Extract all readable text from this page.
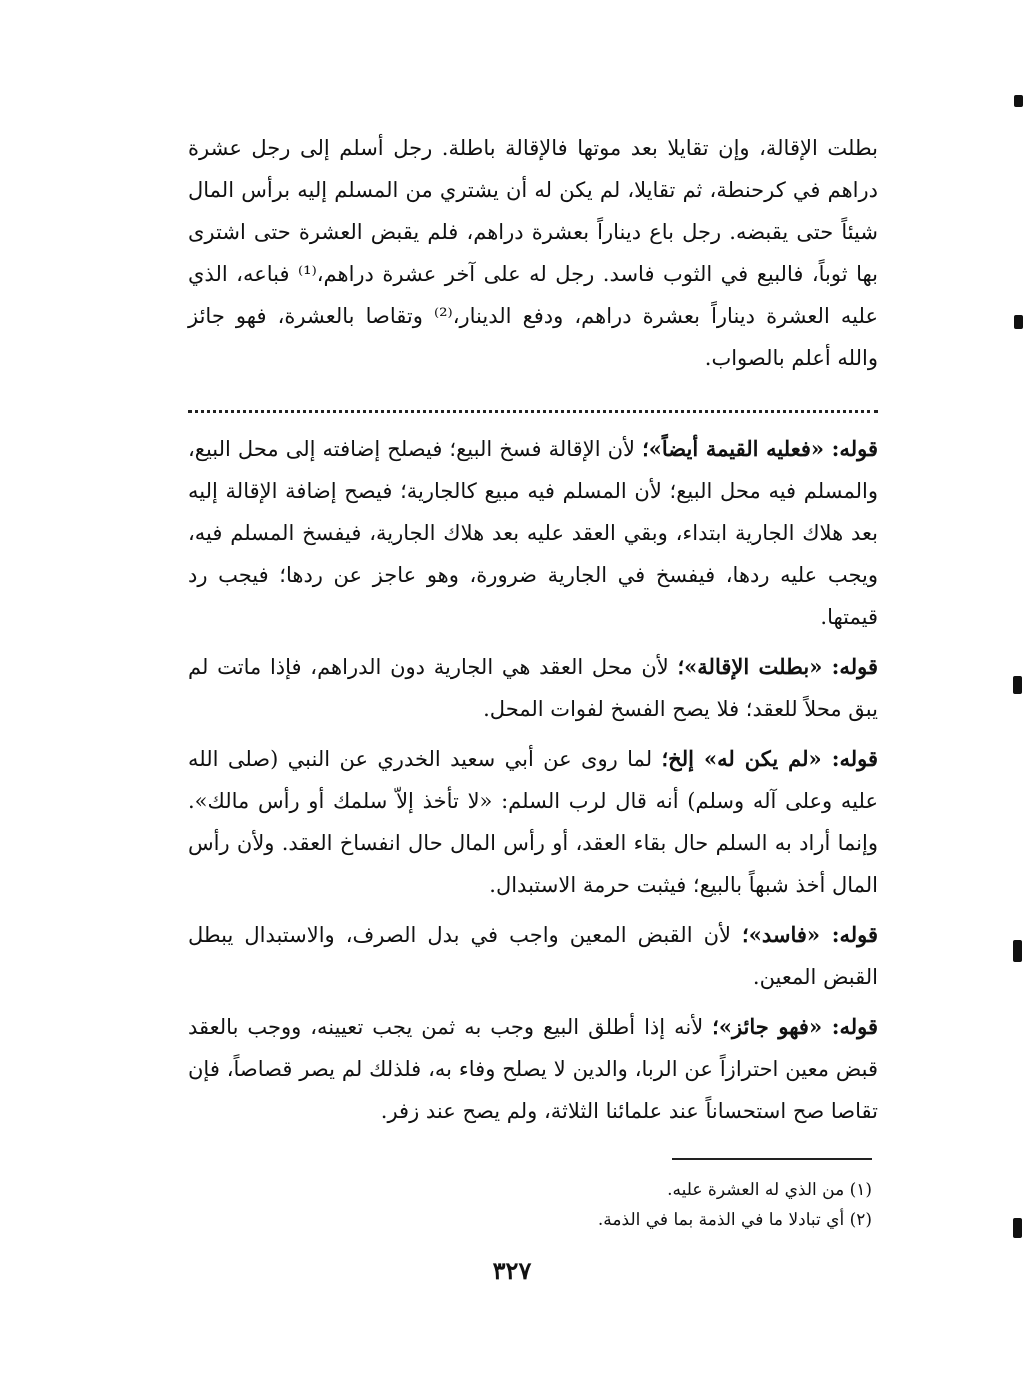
بطلت الإقالة، وإن تقايلا بعد موتها فالإقالة باطلة. رجل أسلم إلى رجل عشرة دراهم في كرحنطة، ثم تقايلا، لم يكن له أن يشتري من المسلم إليه برأس المال شيئاً حتى يقبضه. رجل باع ديناراً بعشرة دراهم، فلم يقبض العشرة حتى اشترى بها ثوباً، فالبيع في الثوب فاسد. رجل له على آخر عشرة دراهم،⁽¹⁾ فباعه، الذي عليه العشرة ديناراً بعشرة دراهم، ودفع الدينار،⁽²⁾ وتقاصا بالعشرة، فهو جائز والله أعلم بالصواب.

قوله: «فعليه القيمة أيضاً»؛ لأن الإقالة فسخ البيع؛ فيصلح إضافته إلى محل البيع، والمسلم فيه محل البيع؛ لأن المسلم فيه مبيع كالجارية؛ فيصح إضافة الإقالة إليه بعد هلاك الجارية ابتداء، وبقي العقد عليه بعد هلاك الجارية، فيفسخ المسلم فيه، ويجب عليه ردها، فيفسخ في الجارية ضرورة، وهو عاجز عن ردها؛ فيجب رد قيمتها.

قوله: «بطلت الإقالة»؛ لأن محل العقد هي الجارية دون الدراهم، فإذا ماتت لم يبق محلاً للعقد؛ فلا يصح الفسخ لفوات المحل.

قوله: «لم يكن له» إلخ؛ لما روى عن أبي سعيد الخدري عن النبي (صلى الله عليه وعلى آله وسلم) أنه قال لرب السلم: «لا تأخذ إلاّ سلمك أو رأس مالك». وإنما أراد به السلم حال بقاء العقد، أو رأس المال حال انفساخ العقد. ولأن رأس المال أخذ شبهاً بالبيع؛ فيثبت حرمة الاستبدال.

قوله: «فاسد»؛ لأن القبض المعين واجب في بدل الصرف، والاستبدال يبطل القبض المعين.

قوله: «فهو جائز»؛ لأنه إذا أطلق البيع وجب به ثمن يجب تعيينه، ووجب بالعقد قبض معين احترازاً عن الربا، والدين لا يصلح وفاء به، فلذلك لم يصر قصاصاً، فإن تقاصا صح استحساناً عند علمائنا الثلاثة، ولم يصح عند زفر.

(١) من الذي له العشرة عليه.

(٢) أي تبادلا ما في الذمة بما في الذمة.

٣٢٧
